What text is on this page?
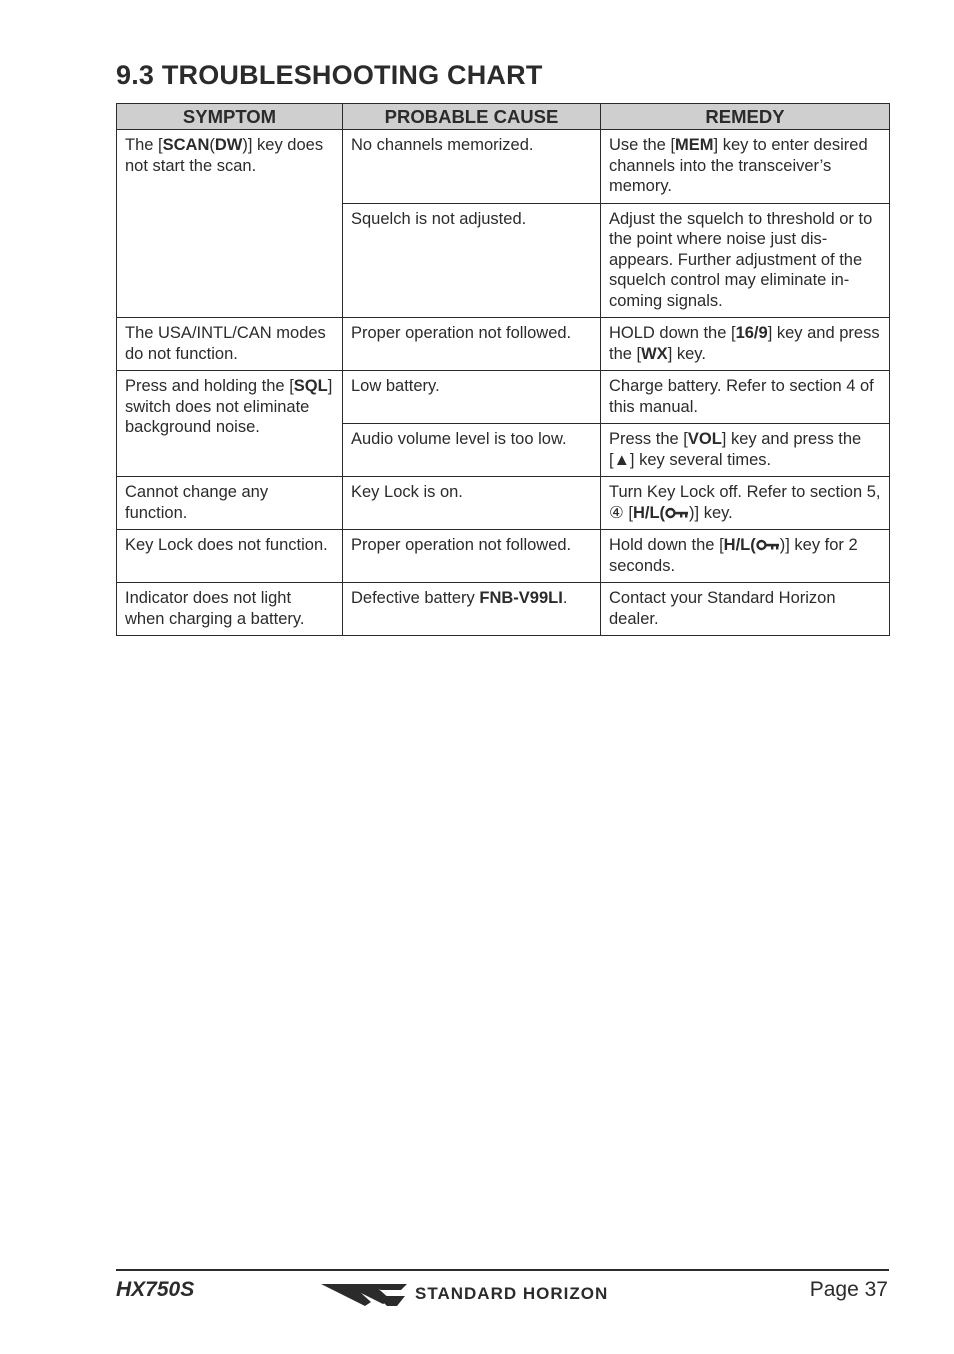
9.3 TROUBLESHOOTING CHART
SYMPTOM	PROBABLE CAUSE	REMEDY
The [SCAN(DW)] key does not start the scan.	No channels memorized.	Use the [MEM] key to enter desired channels into the transceiver’s memory.
	Squelch is not adjusted.	Adjust the squelch to threshold or to the point where noise just dis-appears. Further adjustment of the squelch control may eliminate in-coming signals.
The USA/INTL/CAN modes do not function.	Proper operation not followed.	HOLD down the [16/9] key and press the [WX] key.
Press and holding the [SQL] switch does not eliminate background noise.	Low battery.	Charge battery. Refer to section 4 of this manual.
	Audio volume level is too low.	Press the [VOL] key and press the [▲] key several times.
Cannot change any function.	Key Lock is on.	Turn Key Lock off. Refer to section 5, ④ [H/L( )] key.
Key Lock does not function.	Proper operation not followed.	Hold down the [H/L( )] key for 2 seconds.
Indicator does not light when charging a battery.	Defective battery FNB-V99LI.	Contact your Standard Horizon dealer.
HX750S	STANDARD HORIZON	Page 37
